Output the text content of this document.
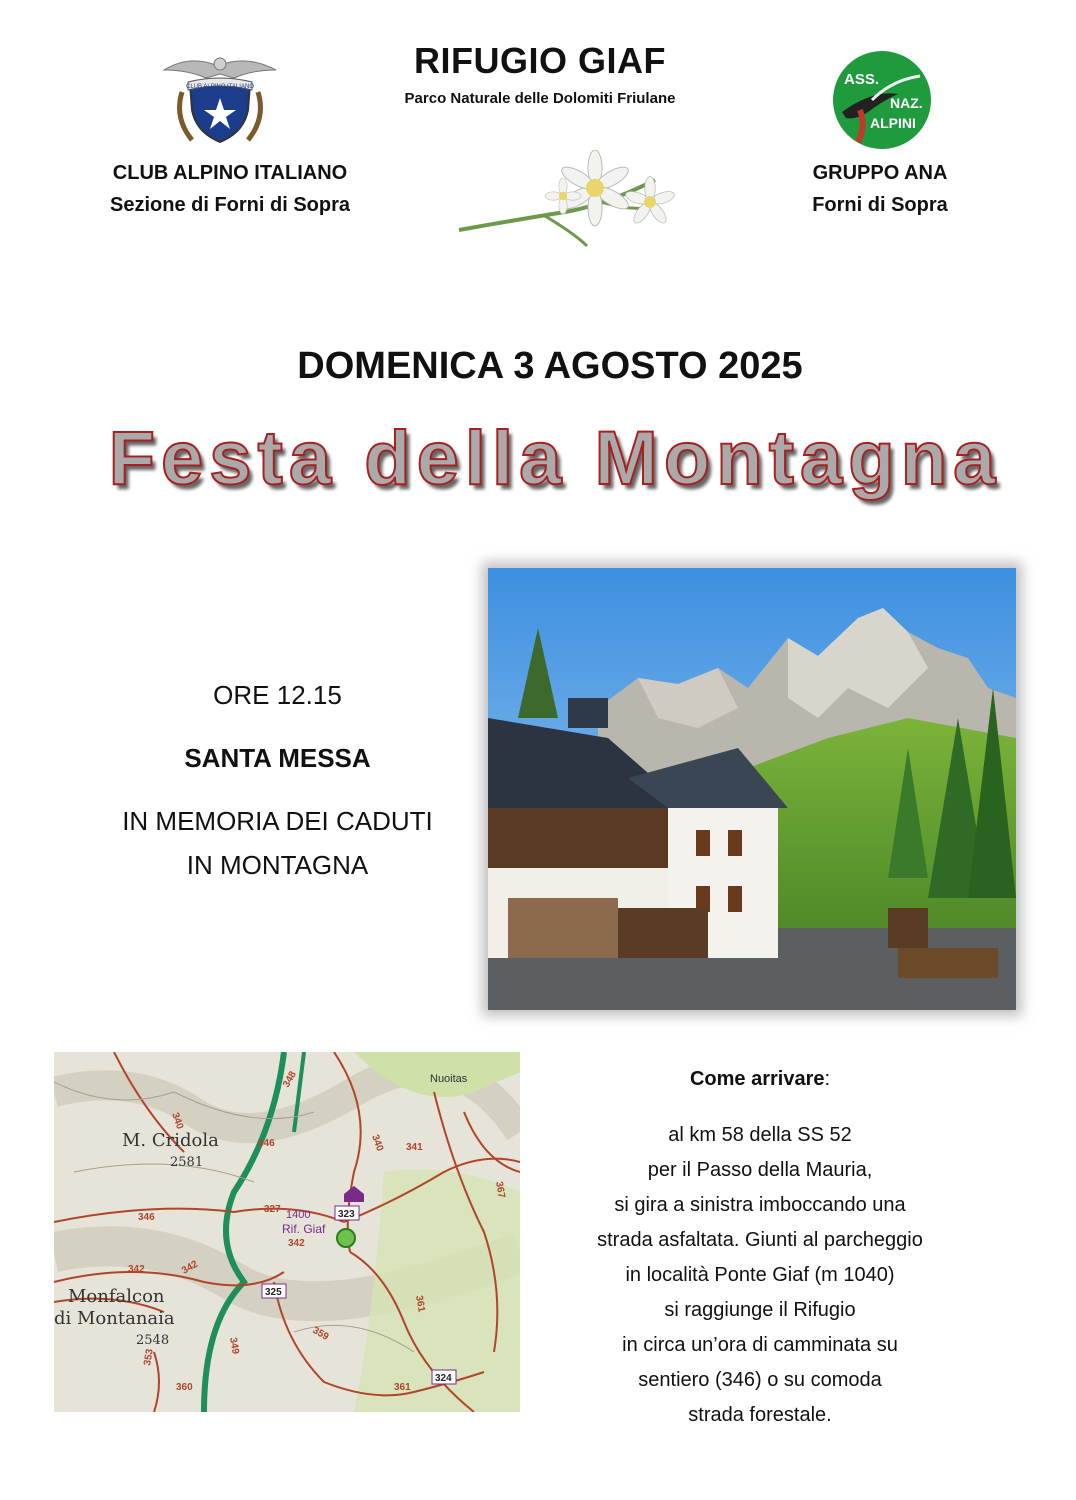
CLUB ALPINO ITALIANO	ASS.
NAZ.
ALPINI
RIFUGIO GIAF
Parco Naturale delle Dolomiti Friulane
CLUB ALPINO ITALIANO
Sezione di Forni di Sopra
GRUPPO ANA
Forni di Sopra
DOMENICA 3 AGOSTO 2025
Festa della Montagna
ORE 12.15
SANTA MESSA
IN MEMORIA DEI CADUTI
IN MONTAGNA
M. Cridola
2581
Monfalcon
di Montanaia
2548
1400
Rif. Giaf
Nuoitas
348
340
340
346
327
342
346
342	342
349
359
361
361
353
360
341
367
323
325
324
Come arrivare:
al km 58 della SS 52
per il Passo della Mauria,
si gira a sinistra imboccando una
strada asfaltata. Giunti al parcheggio
in località Ponte Giaf (m 1040)
si raggiunge il Rifugio
in circa un’ora di camminata su
sentiero (346) o su comoda
strada forestale.
